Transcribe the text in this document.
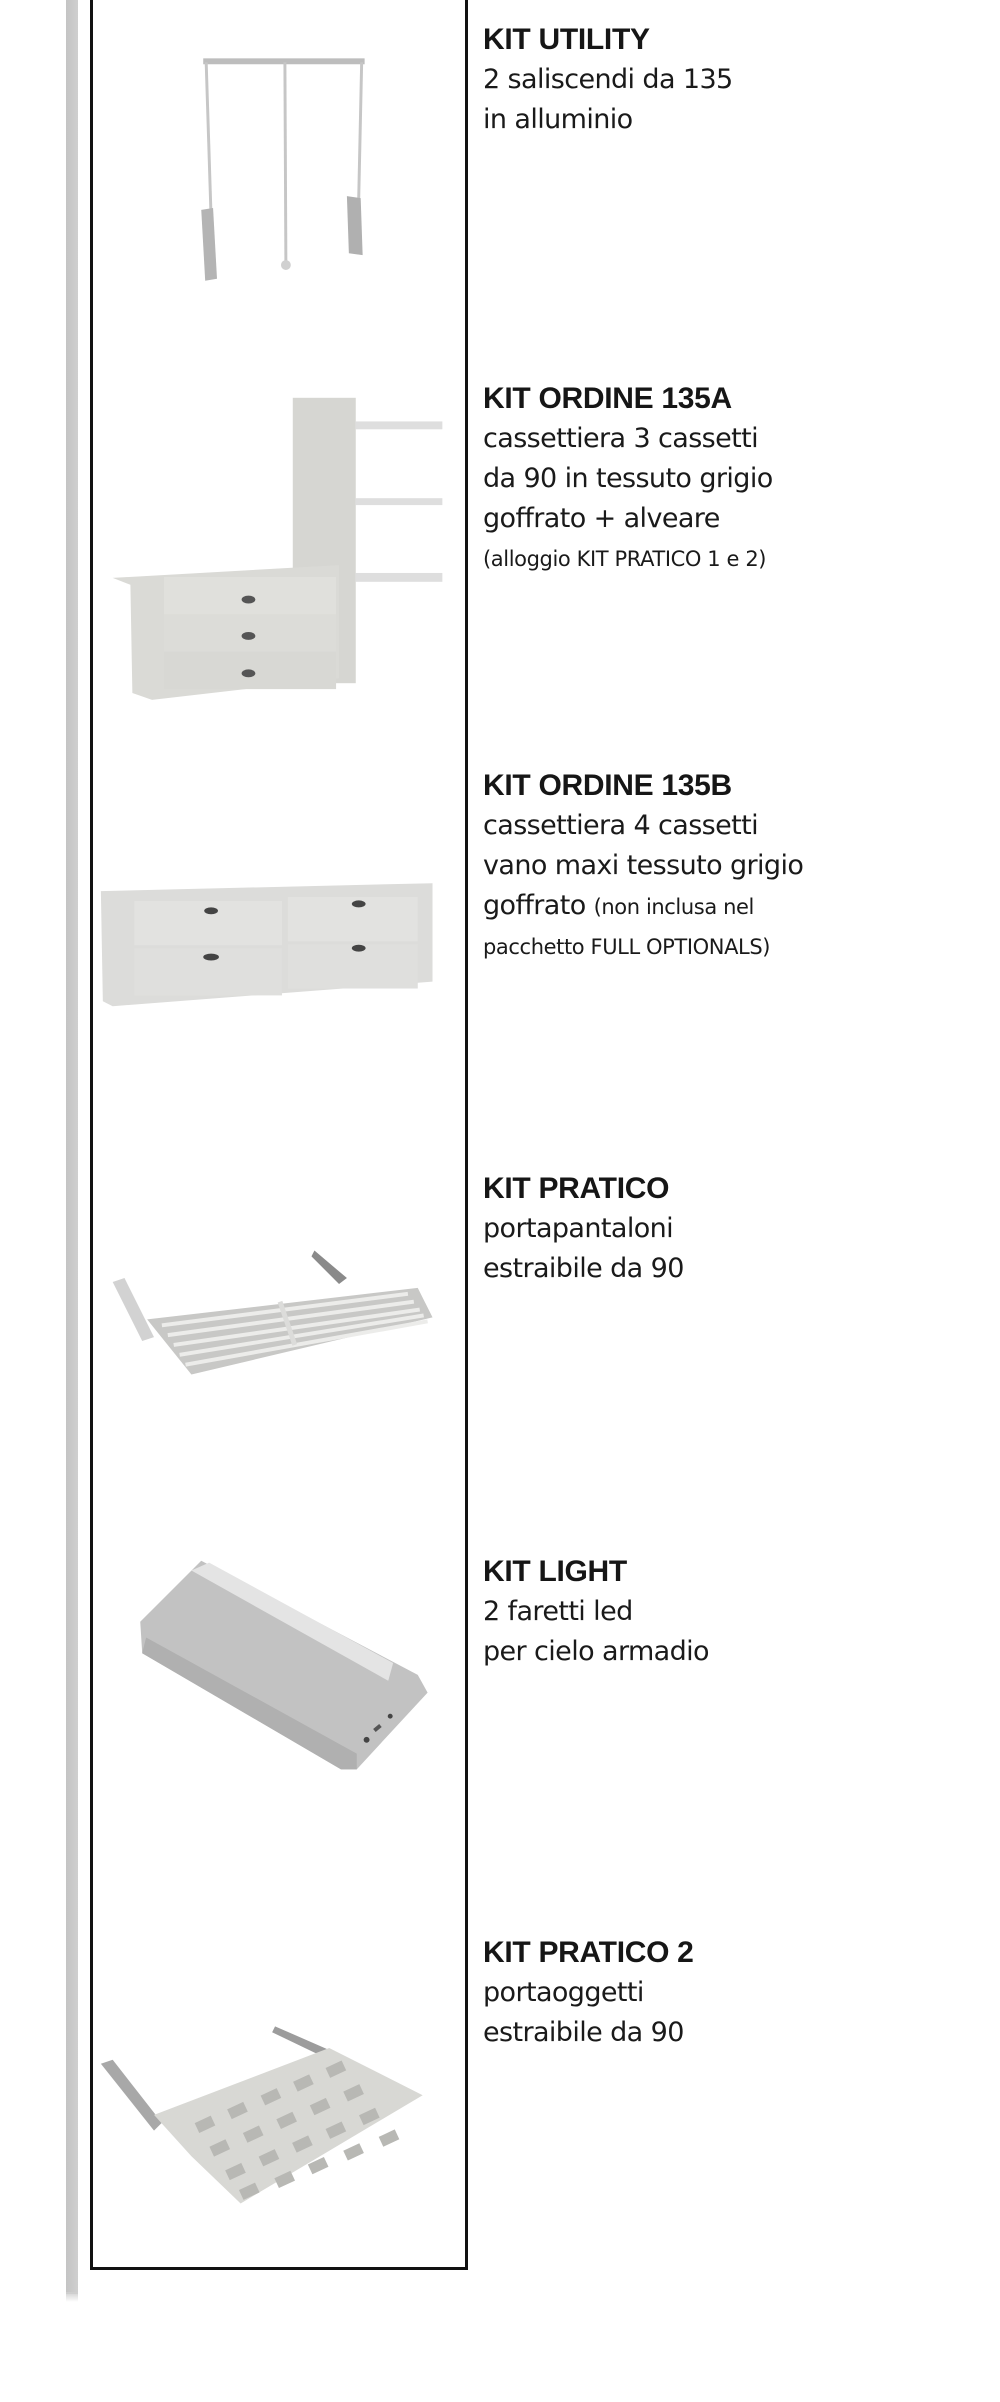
KIT UTILITY
2 saliscendi da 135
in alluminio
KIT ORDINE 135A
cassettiera 3 cassetti
da 90 in tessuto grigio
goffrato + alveare
(alloggio KIT PRATICO 1 e 2)
KIT ORDINE 135B
cassettiera 4 cassetti
vano maxi tessuto grigio
goffrato (non inclusa nel
pacchetto FULL OPTIONALS)
KIT PRATICO
portapantaloni
estraibile da 90
KIT LIGHT
2 faretti led
per cielo armadio
KIT PRATICO 2
portaoggetti
estraibile da 90
